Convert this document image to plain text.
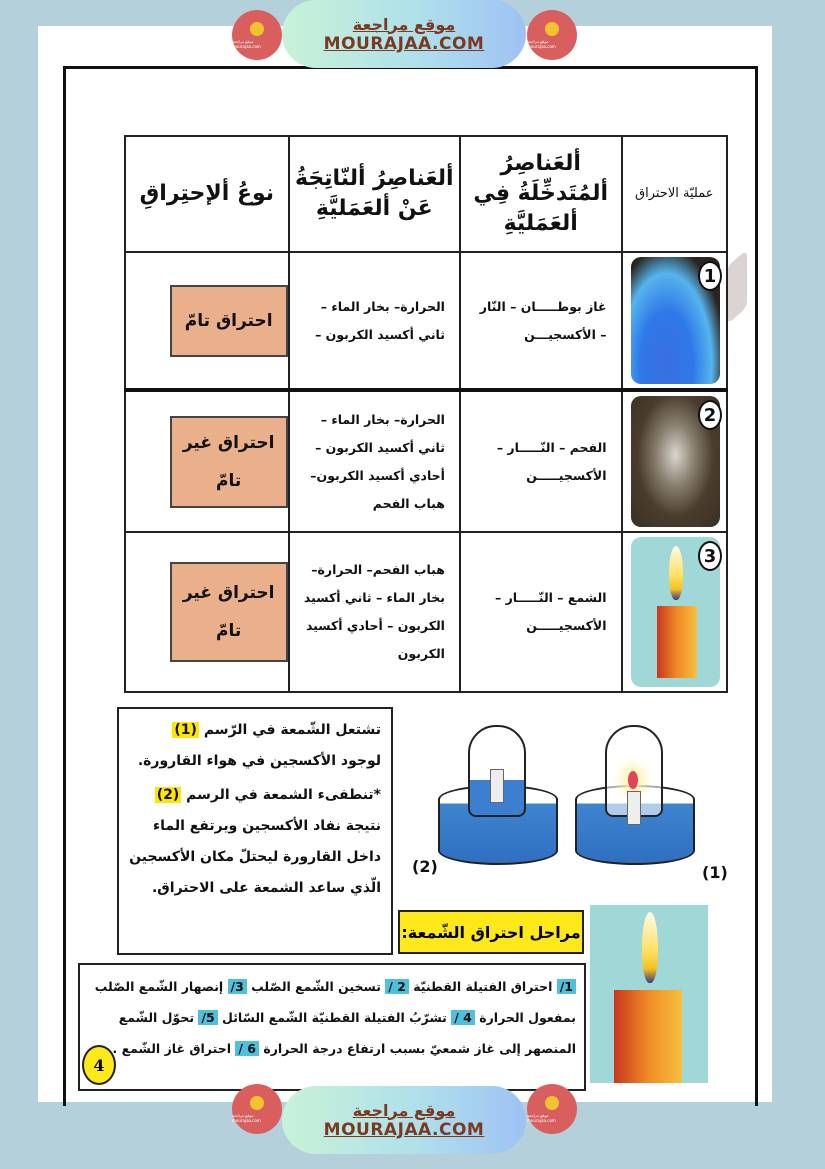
موقع مراجعة mourajaa.com
موقع مراجعة
MOURAJAA.COM	موقع مراجعة mourajaa.com
عمليّة الاحتراق	ألعَناصِرُ ألمُتَدخِّلَةُ فِي ألعَمَليَّةِ	ألعَناصِرُ ألنّاتِجَةُ عَنْ ألعَمَليَّةِ	نوعُ ألإحتِراقِ

1	غاز بوطـــــان – النّار – الأكسجيـــن	الحرارة– بخار الماء –ثاني أكسيد الكربون –	احتراق تامّ

2	الفحم – النّـــــار – الأكسجيـــــن	الحرارة– بخار الماء –ثاني أكسيد الكربون – أحادي أكسيد الكربون–هباب الفحم	احتراق غير تامّ

3	الشمع – النّـــــار – الأكسجيـــــن	هباب الفحم– الحرارة– بخار الماء – ثاني أكسيد الكربون – أحادي أكسيد الكربون	احتراق غير تامّ

تشتعل الشّمعة في الرّسم (1) لوجود الأكسجين في هواء القارورة.

*تنطفىء الشمعة في الرسم (2) نتيجة نفاد الأكسجين ويرتفع الماء داخل القارورة ليحتلّ مكان الأكسجين الّذي ساعد الشمعة على الاحتراق.

(2)	(1)
مراحل احتراق الشّمعة:
1/ احتراق الفتيلة القطنيّة 2 / تسخين الشّمع الصّلب 3/ إنصهار الشّمع الصّلب بمفعول الحرارة 4 / تشرّبُ الفتيلة القطنيّة الشّمع السّائل 5/ تحوّل الشّمع المنصهر إلى غاز شمعيّ بسبب ارتفاع درجة الحرارة 6 / احتراق غاز الشّمع .
4
موقع مراجعة mourajaa.com
موقع مراجعة
MOURAJAA.COM
موقع مراجعة mourajaa.com
